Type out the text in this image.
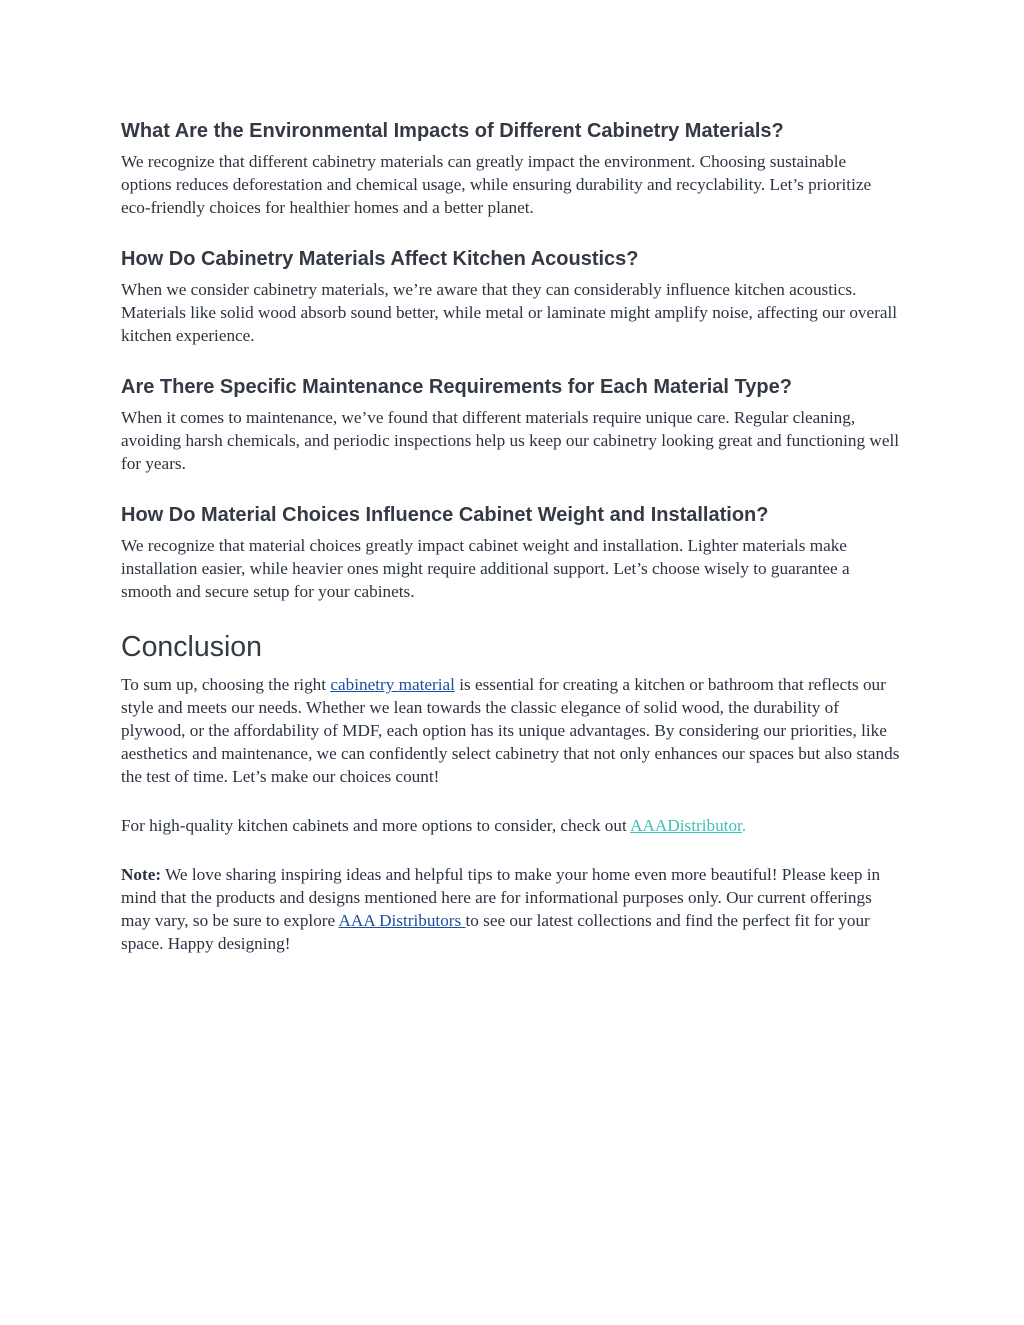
What Are the Environmental Impacts of Different Cabinetry Materials?

We recognize that different cabinetry materials can greatly impact the environment. Choosing sustainable options reduces deforestation and chemical usage, while ensuring durability and recyclability. Let’s prioritize eco-friendly choices for healthier homes and a better planet.

How Do Cabinetry Materials Affect Kitchen Acoustics?

When we consider cabinetry materials, we’re aware that they can considerably influence kitchen acoustics. Materials like solid wood absorb sound better, while metal or laminate might amplify noise, affecting our overall kitchen experience.

Are There Specific Maintenance Requirements for Each Material Type?

When it comes to maintenance, we’ve found that different materials require unique care. Regular cleaning, avoiding harsh chemicals, and periodic inspections help us keep our cabinetry looking great and functioning well for years.

How Do Material Choices Influence Cabinet Weight and Installation?

We recognize that material choices greatly impact cabinet weight and installation. Lighter materials make installation easier, while heavier ones might require additional support. Let’s choose wisely to guarantee a smooth and secure setup for your cabinets.

Conclusion

To sum up, choosing the right cabinetry material is essential for creating a kitchen or bathroom that reflects our style and meets our needs. Whether we lean towards the classic elegance of solid wood, the durability of plywood, or the affordability of MDF, each option has its unique advantages. By considering our priorities, like aesthetics and maintenance, we can confidently select cabinetry that not only enhances our spaces but also stands the test of time. Let’s make our choices count!

For high-quality kitchen cabinets and more options to consider, check out AAADistributor.

Note: We love sharing inspiring ideas and helpful tips to make your home even more beautiful! Please keep in mind that the products and designs mentioned here are for informational purposes only. Our current offerings may vary, so be sure to explore AAA Distributors to see our latest collections and find the perfect fit for your space. Happy designing!
